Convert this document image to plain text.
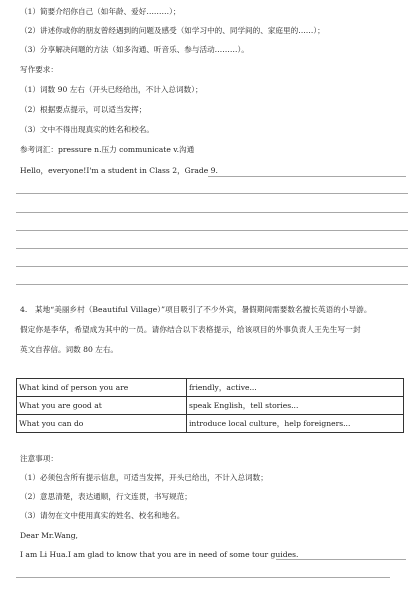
（1）简要介绍你自己（如年龄、爱好………）；
（2）讲述你或你的朋友曾经遇到的问题及感受（如学习中的、同学间的、家庭里的……）；
（3）分享解决问题的方法（如多沟通、听音乐、参与活动………）。
写作要求：
（1）词数 90 左右（开头已经给出，不计入总词数）；
（2）根据要点提示，可以适当发挥；
（3）文中不得出现真实的姓名和校名。
参考词汇：pressure n.压力 communicate v.沟通
Hello，everyone!I'm a student in Class 2，Grade 9.
4.　某地“美丽乡村（Beautiful Village）”项目吸引了不少外宾，暑假期间需要数名擅长英语的小导游。
假定你是李华，希望成为其中的一员。请你结合以下表格提示，给该项目的外事负责人王先生写一封
英文自荐信。词数 80 左右。
What kind of person you are	friendly，active...
What you are good at	speak English，tell stories...
What you can do	introduce local culture，help foreigners...
注意事项：
（1）必须包含所有提示信息，可适当发挥，开头已给出，不计入总词数；
（2）意思清楚，表达通顺，行文连贯，书写规范；
（3）请勿在文中使用真实的姓名、校名和地名。
Dear Mr.Wang,
I am Li Hua.I am glad to know that you are in need of some tour guides.
